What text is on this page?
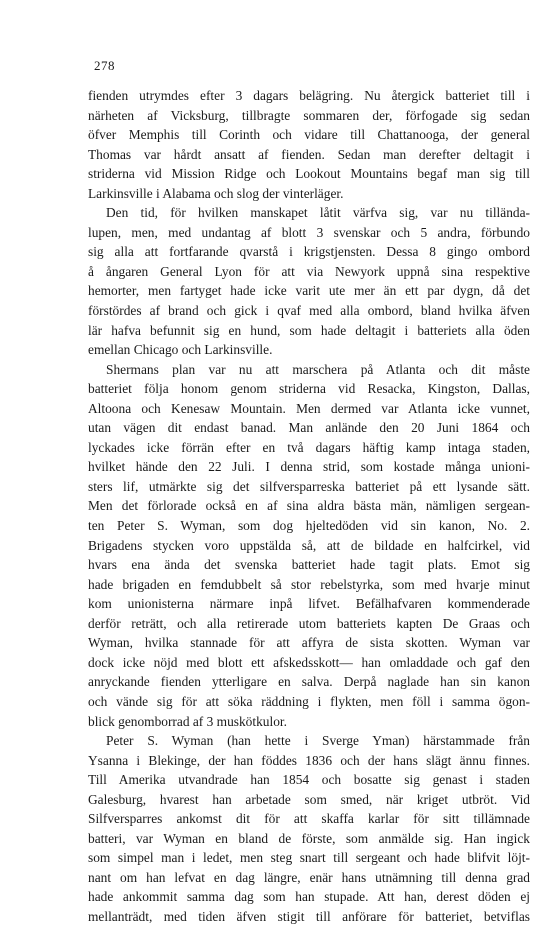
278
fienden utrymdes efter 3 dagars belägring. Nu återgick batteriet till i
närheten af Vicksburg, tillbragte sommaren der, förfogade sig sedan
öfver Memphis till Corinth och vidare till Chattanooga, der general
Thomas var hårdt ansatt af fienden. Sedan man derefter deltagit i
striderna vid Mission Ridge och Lookout Mountains begaf man sig till
Larkinsville i Alabama och slog der vinterläger.
Den tid, för hvilken manskapet låtit värfva sig, var nu tillända-
lupen, men, med undantag af blott 3 svenskar och 5 andra, förbundo
sig alla att fortfarande qvarstå i krigstjensten. Dessa 8 gingo ombord
å ångaren General Lyon för att via Newyork uppnå sina respektive
hemorter, men fartyget hade icke varit ute mer än ett par dygn, då det
förstördes af brand och gick i qvaf med alla ombord, bland hvilka äfven
lär hafva befunnit sig en hund, som hade deltagit i batteriets alla öden
emellan Chicago och Larkinsville.
Shermans plan var nu att marschera på Atlanta och dit måste
batteriet följa honom genom striderna vid Resacka, Kingston, Dallas,
Altoona och Kenesaw Mountain. Men dermed var Atlanta icke vunnet,
utan vägen dit endast banad. Man anlände den 20 Juni 1864 och
lyckades icke förrän efter en två dagars häftig kamp intaga staden,
hvilket hände den 22 Juli. I denna strid, som kostade många unioni-
sters lif, utmärkte sig det silfversparreska batteriet på ett lysande sätt.
Men det förlorade också en af sina aldra bästa män, nämligen sergean-
ten Peter S. Wyman, som dog hjeltedöden vid sin kanon, No. 2.
Brigadens stycken voro uppstälda så, att de bildade en halfcirkel, vid
hvars ena ända det svenska batteriet hade tagit plats. Emot sig
hade brigaden en femdubbelt så stor rebelstyrka, som med hvarje minut
kom unionisterna närmare inpå lifvet. Befälhafvaren kommenderade
derför reträtt, och alla retirerade utom batteriets kapten De Graas och
Wyman, hvilka stannade för att affyra de sista skotten. Wyman var
dock icke nöjd med blott ett afskedsskott— han omladdade och gaf den
anryckande fienden ytterligare en salva. Derpå naglade han sin kanon
och vände sig för att söka räddning i flykten, men föll i samma ögon-
blick genomborrad af 3 muskötkulor.
Peter S. Wyman (han hette i Sverge Yman) härstammade från
Ysanna i Blekinge, der han föddes 1836 och der hans slägt ännu finnes.
Till Amerika utvandrade han 1854 och bosatte sig genast i staden
Galesburg, hvarest han arbetade som smed, när kriget utbröt. Vid
Silfversparres ankomst dit för att skaffa karlar för sitt tillämnade
batteri, var Wyman en bland de förste, som anmälde sig. Han ingick
som simpel man i ledet, men steg snart till sergeant och hade blifvit löjt-
nant om han lefvat en dag längre, enär hans utnämning till denna grad
hade ankommit samma dag som han stupade. Att han, derest döden ej
mellanträdt, med tiden äfven stigit till anförare för batteriet, betviflas
